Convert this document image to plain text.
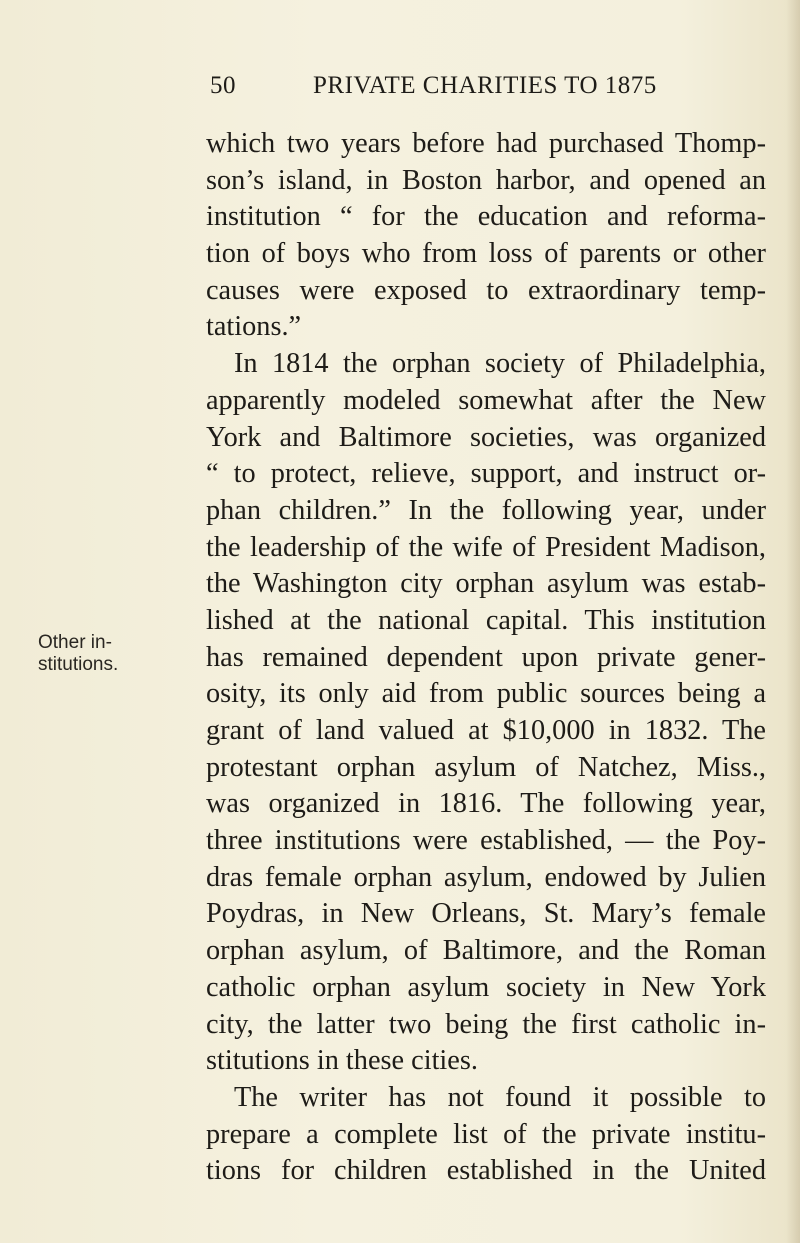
50	PRIVATE CHARITIES TO 1875
Other in-
stitutions.
which two years before had purchased Thomp-
son’s island, in Boston harbor, and opened an
institution “ for the education and reforma-
tion of boys who from loss of parents or other
causes were exposed to extraordinary temp-
tations.”
In 1814 the orphan society of Philadelphia,
apparently modeled somewhat after the New
York and Baltimore societies, was organized
“ to protect, relieve, support, and instruct or-
phan children.” In the following year, under
the leadership of the wife of President Madison,
the Washington city orphan asylum was estab-
lished at the national capital. This institution
has remained dependent upon private gener-
osity, its only aid from public sources being a
grant of land valued at $10,000 in 1832. The
protestant orphan asylum of Natchez, Miss.,
was organized in 1816. The following year,
three institutions were established, — the Poy-
dras female orphan asylum, endowed by Julien
Poydras, in New Orleans, St. Mary’s female
orphan asylum, of Baltimore, and the Roman
catholic orphan asylum society in New York
city, the latter two being the first catholic in-
stitutions in these cities.
The writer has not found it possible to
prepare a complete list of the private institu-
tions for children established in the United
